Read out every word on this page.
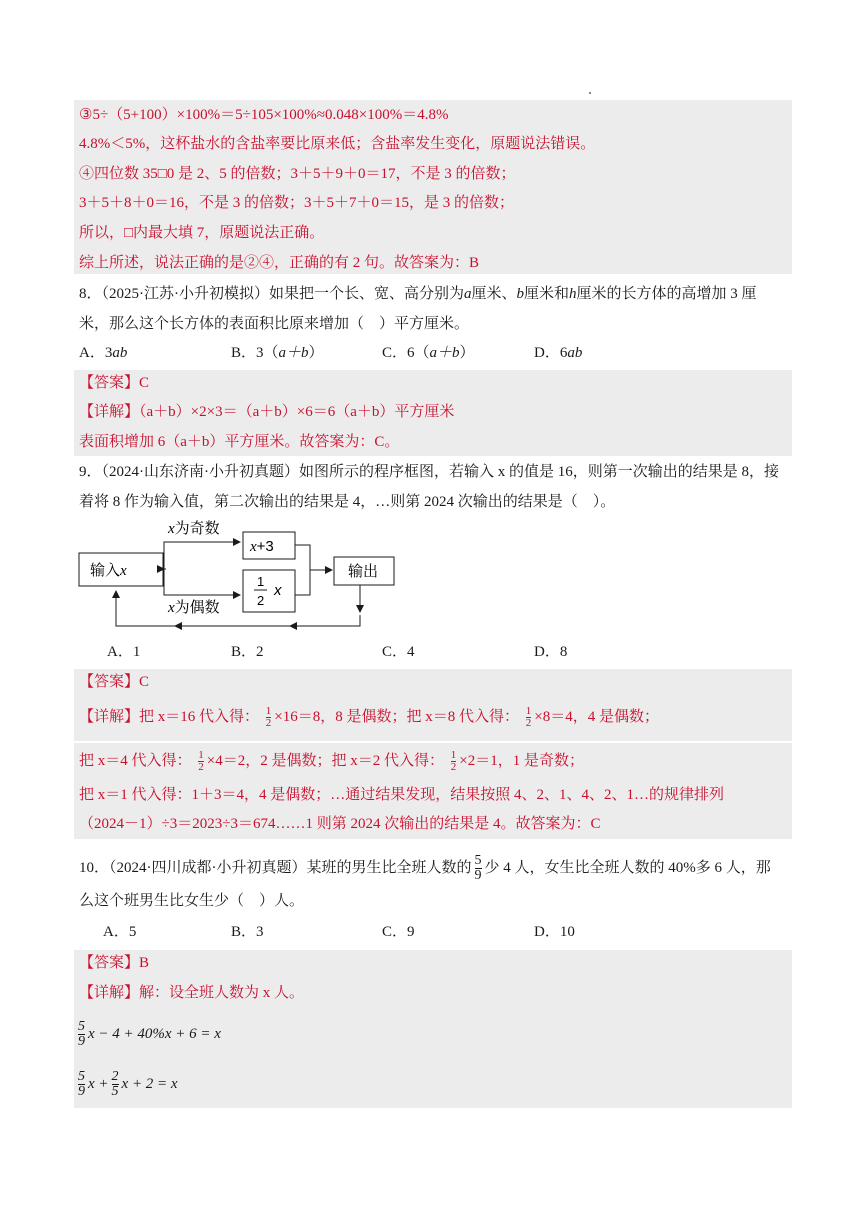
③5÷（5+100）×100%＝5÷105×100%≈0.048×100%＝4.8%
4.8%＜5%，这杯盐水的含盐率要比原来低；含盐率发生变化，原题说法错误。
④四位数 35□0 是 2、5 的倍数；3＋5＋9＋0＝17，不是 3 的倍数；
3＋5＋8＋0＝16，不是 3 的倍数；3＋5＋7＋0＝15，是 3 的倍数；
所以，□内最大填 7，原题说法正确。
综上所述，说法正确的是②④，正确的有 2 句。故答案为：B
8．（2025·江苏·小升初模拟）如果把一个长、宽、高分别为a厘米、b厘米和h厘米的长方体的高增加 3 厘
米，那么这个长方体的表面积比原来增加（　）平方厘米。
A．3ab	B．3（a＋b）	C．6（a＋b）	D．6ab
【答案】C
【详解】（a＋b）×2×3＝（a＋b）×6＝6（a＋b）平方厘米
表面积增加 6（a＋b）平方厘米。故答案为：C。
9．（2024·山东济南·小升初真题）如图所示的程序框图，若输入 x 的值是 16，则第一次输出的结果是 8，接
着将 8 作为输入值，第二次输出的结果是 4，…则第 2024 次输出的结果是（　）。
输入x
x为奇数
x为偶数
x+3
1
2
x
输出
A．1	B．2	C．4	D．8
【答案】C
【详解】把 x＝16 代入得： $\frac{1}{2} \times 16=8$，8 是偶数；把 x＝8 代入得： $\frac{1}{2} \times 8=4$，4 是偶数；
把 x＝4 代入得： $\frac{1}{2} \times 4=2$，2 是偶数；把 x＝2 代入得： $\frac{1}{2} \times 2=1$，1 是奇数；
把 x＝1 代入得：1＋3＝4，4 是偶数；…通过结果发现，结果按照 4、2、1、4、2、1…的规律排列
（2024－1）÷3＝2023÷3＝674……1 则第 2024 次输出的结果是 4。故答案为：C
10．（2024·四川成都·小升初真题）某班的男生比全班人数的 $\frac{5}{9}$ 少 4 人，女生比全班人数的 40%多 6 人，那
么这个班男生比女生少（　）人。
A．5	B．3	C．9	D．10
【答案】B
【详解】解：设全班人数为 x 人。
$\frac{5}{9}$ x − 4 + 40%x + 6 = x
$\frac{5}{9}$ $x + \frac{2}{5}$ x + 2 = x
